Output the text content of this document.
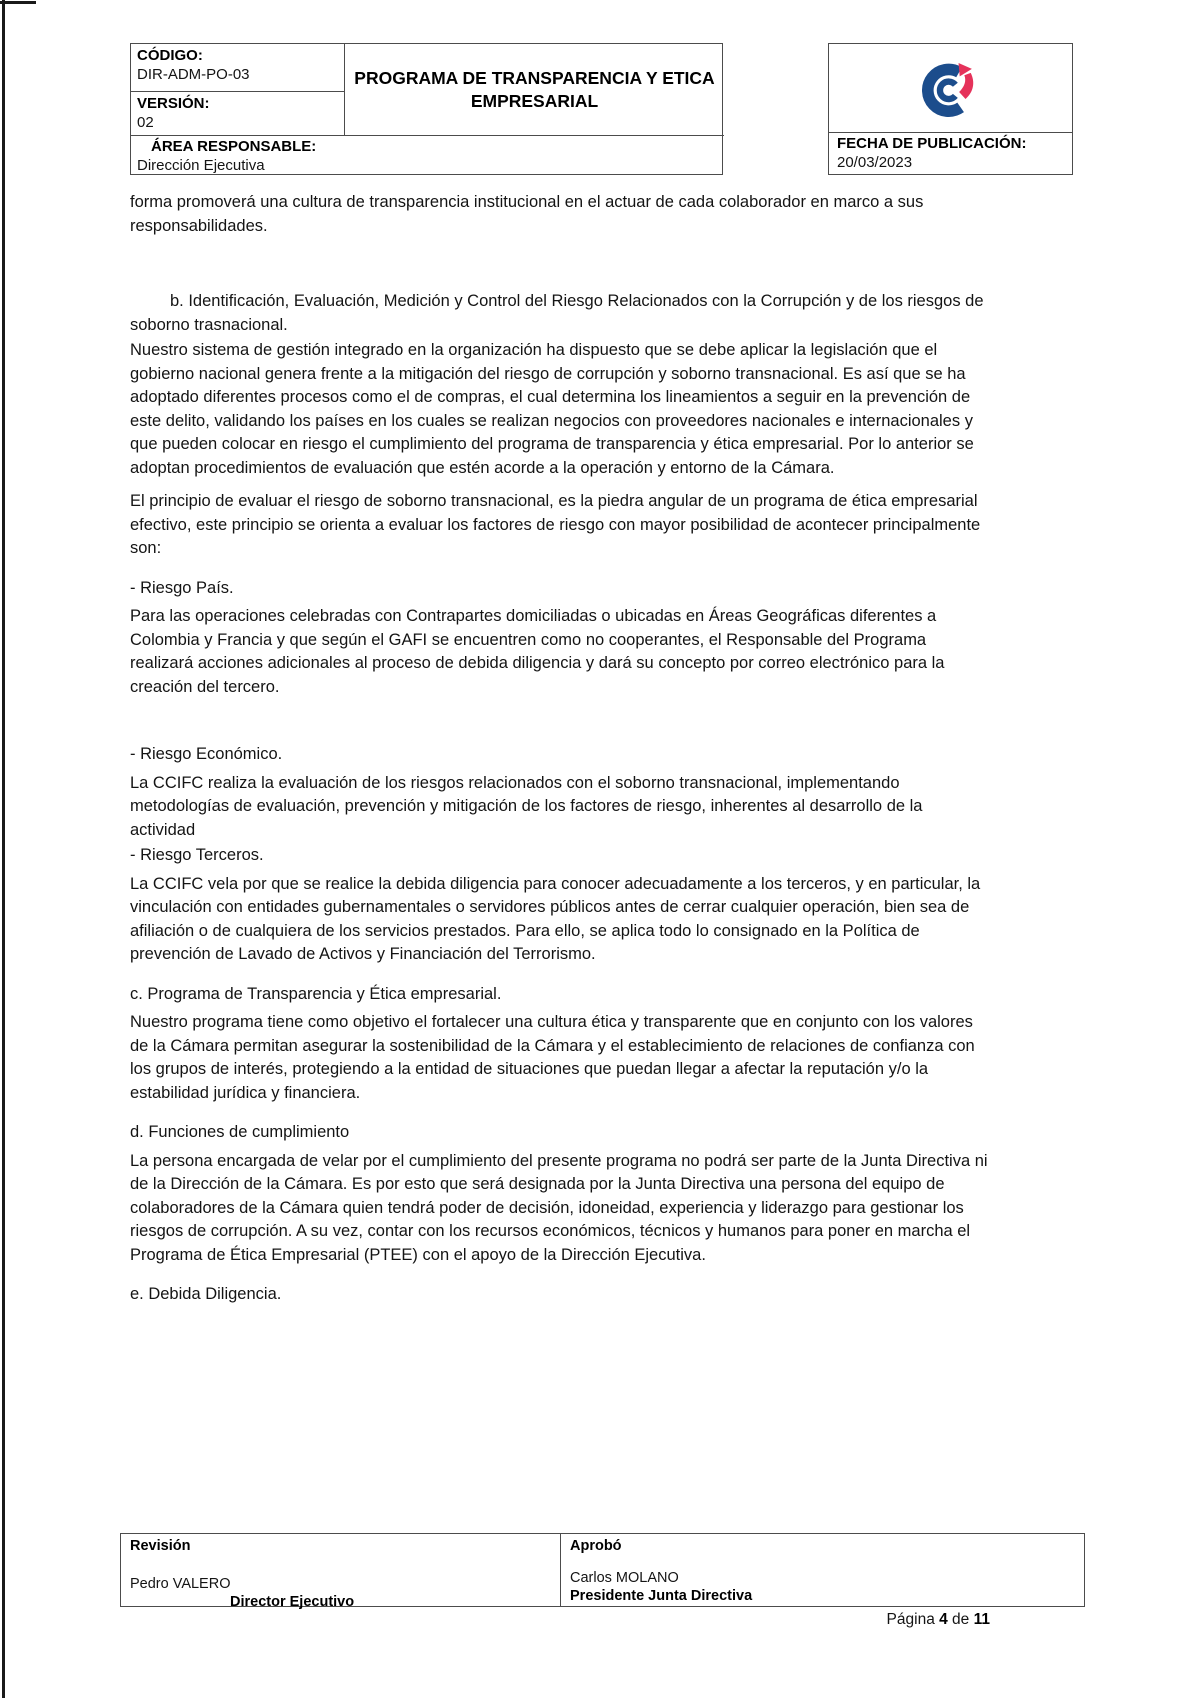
CÓDIGO:
DIR-ADM-PO-03
VERSIÓN:
02
PROGRAMA DE TRANSPARENCIA Y ETICA
EMPRESARIAL
ÁREA RESPONSABLE:
Dirección Ejecutiva
FECHA DE PUBLICACIÓN:
20/03/2023

forma promoverá una cultura de transparencia institucional en el actuar de cada colaborador en marco a sus responsabilidades.

b. Identificación, Evaluación, Medición y Control del Riesgo Relacionados con la Corrupción y de los riesgos de soborno trasnacional.

Nuestro sistema de gestión integrado en la organización ha dispuesto que se debe aplicar la legislación que el gobierno nacional genera frente a la mitigación del riesgo de corrupción y soborno transnacional. Es así que se ha adoptado diferentes procesos como el de compras, el cual determina los lineamientos a seguir en la prevención de este delito, validando los países en los cuales se realizan negocios con proveedores nacionales e internacionales y que pueden colocar en riesgo el cumplimiento del programa de transparencia y ética empresarial. Por lo anterior se adoptan procedimientos de evaluación que estén acorde a la operación y entorno de la Cámara.

El principio de evaluar el riesgo de soborno transnacional, es la piedra angular de un programa de ética empresarial efectivo, este principio se orienta a evaluar los factores de riesgo con mayor posibilidad de acontecer principalmente son:

- Riesgo País.

Para las operaciones celebradas con Contrapartes domiciliadas o ubicadas en Áreas Geográficas diferentes a Colombia y Francia y que según el GAFI se encuentren como no cooperantes, el Responsable del Programa realizará acciones adicionales al proceso de debida diligencia y dará su concepto por correo electrónico para la creación del tercero.

- Riesgo Económico.

La CCIFC realiza la evaluación de los riesgos relacionados con el soborno transnacional, implementando metodologías de evaluación, prevención y mitigación de los factores de riesgo, inherentes al desarrollo de la actividad

- Riesgo Terceros.

La CCIFC vela por que se realice la debida diligencia para conocer adecuadamente a los terceros, y en particular, la vinculación con entidades gubernamentales o servidores públicos antes de cerrar cualquier operación, bien sea de afiliación o de cualquiera de los servicios prestados. Para ello, se aplica todo lo consignado en la Política de prevención de Lavado de Activos y Financiación del Terrorismo.

c. Programa de Transparencia y Ética empresarial.

Nuestro programa tiene como objetivo el fortalecer una cultura ética y transparente que en conjunto con los valores de la Cámara permitan asegurar la sostenibilidad de la Cámara y el establecimiento de relaciones de confianza con los grupos de interés, protegiendo a la entidad de situaciones que puedan llegar a afectar la reputación y/o la estabilidad jurídica y financiera.

d. Funciones de cumplimiento

La persona encargada de velar por el cumplimiento del presente programa no podrá ser parte de la Junta Directiva ni de la Dirección de la Cámara. Es por esto que será designada por la Junta Directiva una persona del equipo de colaboradores de la Cámara quien tendrá poder de decisión, idoneidad, experiencia y liderazgo para gestionar los riesgos de corrupción. A su vez, contar con los recursos económicos, técnicos y humanos para poner en marcha el Programa de Ética Empresarial (PTEE) con el apoyo de la Dirección Ejecutiva.

e. Debida Diligencia.

Revisión
Pedro VALERO
Director Ejecutivo
Aprobó
Carlos MOLANO
Presidente Junta Directiva
Página 4 de 11
